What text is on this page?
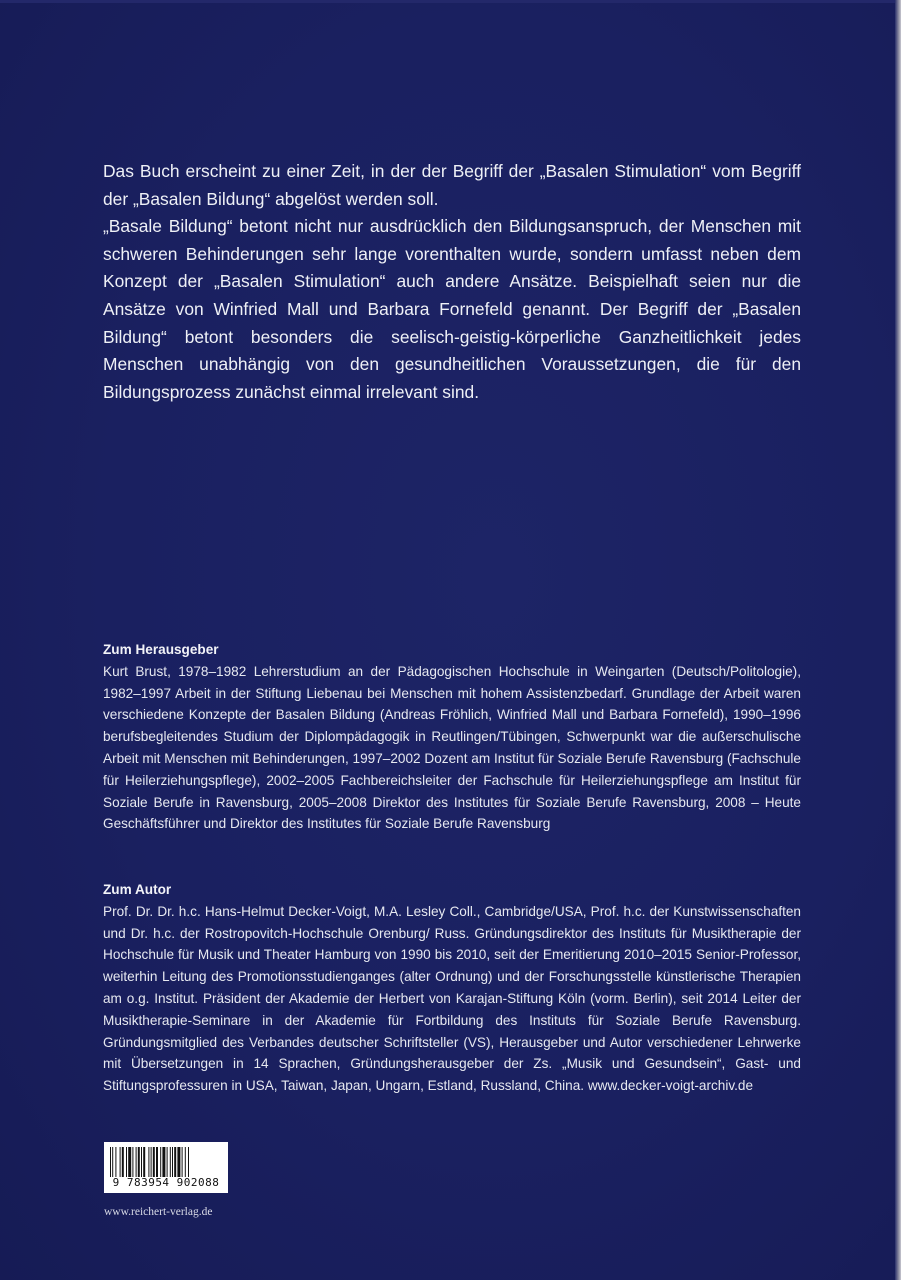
Das Buch erscheint zu einer Zeit, in der der Begriff der „Basalen Stimulation“ vom Begriff der „Basalen Bildung“ abgelöst werden soll.

„Basale Bildung“ betont nicht nur ausdrücklich den Bildungsanspruch, der Menschen mit schweren Behinderungen sehr lange vorenthalten wurde, sondern umfasst neben dem Konzept der „Basalen Stimulation“ auch andere Ansätze. Beispielhaft seien nur die Ansätze von Winfried Mall und Barbara Fornefeld genannt. Der Begriff der „Basalen Bildung“ betont besonders die seelisch-geistig-körperliche Ganzheitlichkeit jedes Menschen unabhängig von den gesundheitlichen Voraussetzungen, die für den Bildungsprozess zunächst einmal irrelevant sind.

Zum Herausgeber

Kurt Brust, 1978–1982 Lehrerstudium an der Pädagogischen Hochschule in Weingarten (Deutsch/Politologie), 1982–1997 Arbeit in der Stiftung Liebenau bei Menschen mit hohem Assistenzbedarf. Grundlage der Arbeit waren verschiedene Konzepte der Basalen Bildung (Andreas Fröhlich, Winfried Mall und Barbara Fornefeld), 1990–1996 berufsbegleitendes Studium der Diplompädagogik in Reutlingen/Tübingen, Schwerpunkt war die außerschulische Arbeit mit Menschen mit Behinderungen, 1997–2002 Dozent am Institut für Soziale Berufe Ravensburg (Fachschule für Heilerziehungspflege), 2002–2005 Fachbereichsleiter der Fachschule für Heilerziehungspflege am Institut für Soziale Berufe in Ravensburg, 2005–2008 Direktor des Institutes für Soziale Berufe Ravensburg, 2008 – Heute Geschäftsführer und Direktor des Institutes für Soziale Berufe Ravensburg

Zum Autor

Prof. Dr. Dr. h.c. Hans-Helmut Decker-Voigt, M.A. Lesley Coll., Cambridge/USA, Prof. h.c. der Kunstwissenschaften und Dr. h.c. der Rostropovitch-Hochschule Orenburg/ Russ. Gründungsdirektor des Instituts für Musiktherapie der Hochschule für Musik und Theater Hamburg von 1990 bis 2010, seit der Emeritierung 2010–2015 Senior-Professor, weiterhin Leitung des Promotionsstudienganges (alter Ordnung) und der Forschungsstelle künstlerische Therapien am o.g. Institut. Präsident der Akademie der Herbert von Karajan-Stiftung Köln (vorm. Berlin), seit 2014 Leiter der Musiktherapie-Seminare in der Akademie für Fortbildung des Instituts für Soziale Berufe Ravensburg. Gründungsmitglied des Verbandes deutscher Schriftsteller (VS), Herausgeber und Autor verschiedener Lehrwerke mit Übersetzungen in 14 Sprachen, Gründungsherausgeber der Zs. „Musik und Gesundsein“, Gast- und Stiftungsprofessuren in USA, Taiwan, Japan, Ungarn, Estland, Russland, China. www.decker-voigt-archiv.de

9 783954 902088
www.reichert-verlag.de
